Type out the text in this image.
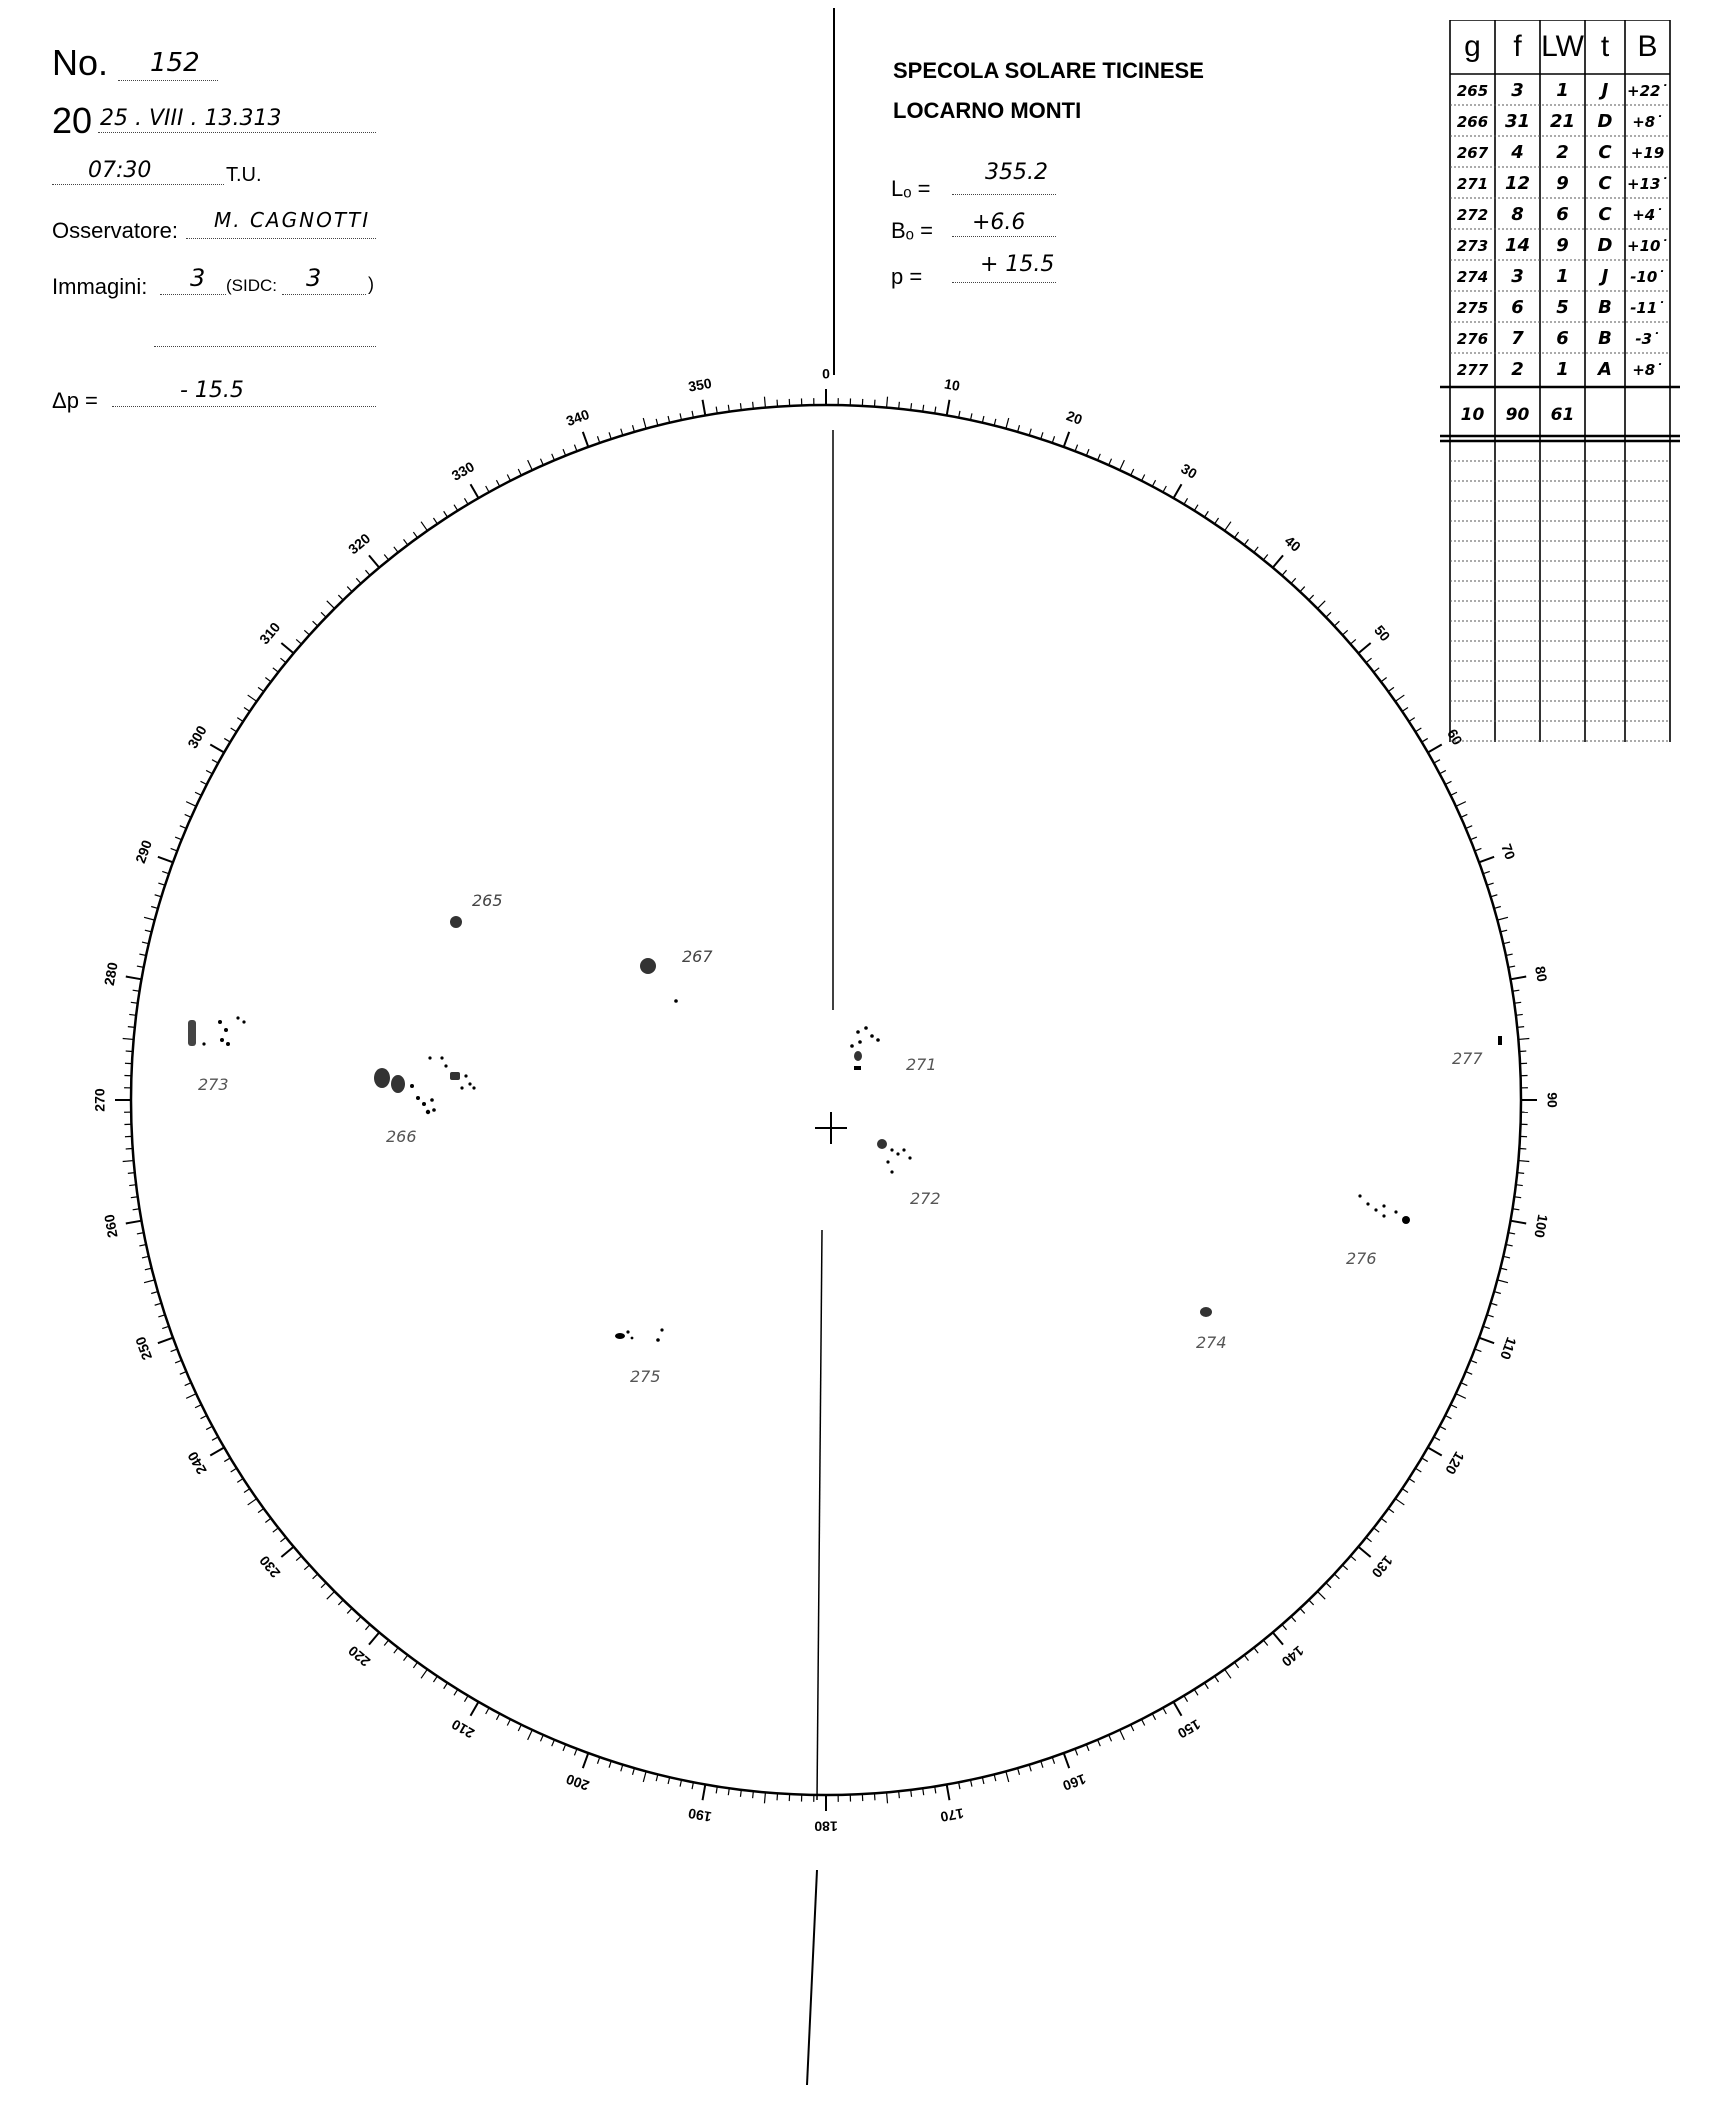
No. 152
20 25 . VIII . 13.313
07:30	T.U.
Osservatore: M. CAGNOTTI
Immagini: 3 (SIDC: 3	)
Δp =	- 15.5
SPECOLA SOLARE TICINESE
LOCARNO MONTI
Lₒ =
355.2
Bₒ = +6.6
p =	+ 15.5
0
10
20
30
40
50
60
70
80
90
100
110
120
130
140
150
160
170
180
190
200
210
220
230
240
250
260
270
280
290
300
310
320
330
340
350
265
267
273
266
271
272
277
276
274
275
g f LW t B
265 3 1 J +22˙
266 31 21 D +8˙
267 4 2 C +19
271 12 9 C +13˙
272 8 6 C +4˙
273 14 9 D +10˙
274 3 1 J -10˙
275 6 5 B -11˙
276 7 6 B -3˙
277 2 1 A +8˙
10 90 61
